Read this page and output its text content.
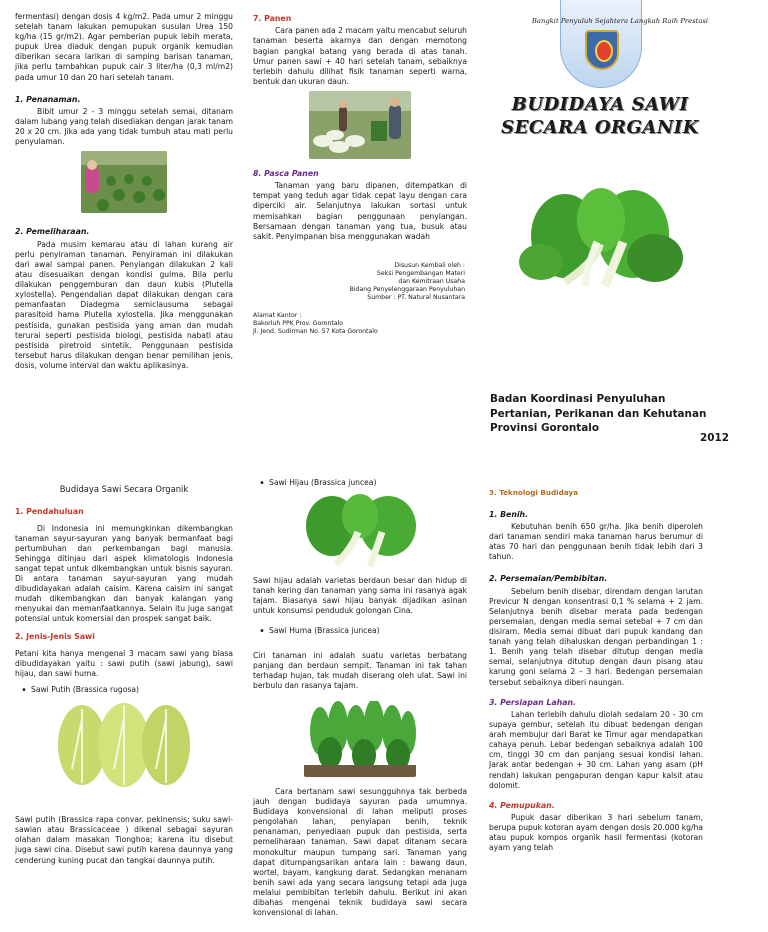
fermentasi) dengan dosis 4 kg/m2. Pada umur 2 minggu setelah tanam lakukan pemupukan susulan Urea 150 kg/ha (15 gr/m2). Agar pemberian pupuk lebih merata, pupuk Urea diaduk dengan pupuk organik kemudian diberikan secara larikan di samping barisan tanaman, jika perlu tambahkan pupuk cair 3 liter/ha (0,3 ml/m2) pada umur 10 dan 20 hari setelah tanam.

1. Penanaman.

Bibit umur 2 - 3 minggu setelah semai, ditanam dalam lubang yang telah disediakan dengan jarak tanam 20 x 20 cm. Jika ada yang tidak tumbuh atau mati perlu penyulaman.

2. Pemeliharaan.

Pada musim kemarau atau di lahan kurang air perlu penyiraman tanaman. Penyiraman ini dilakukan dari awal sampai panen. Penyiangan dilakukan 2 kali atau disesuaikan dengan kondisi gulma. Bila perlu dilakukan penggemburan dan daun kubis (Plutella xylostella). Pengendalian dapat dilakukan dengan cara pemanfaatan Diadegma semiclausuma sebagai parasitoid hama Plutella xylostella. Jika menggunakan pestisida, gunakan pestisida yang aman dan mudah terurai seperti pestisida biologi, pestisida nabati atau pestisida piretroid sintetik. Penggunaan pestisida tersebut harus dilakukan dengan benar pemilihan jenis, dosis, volume interval dan waktu aplikasinya.

7. Panen

Cara panen ada 2 macam yaitu mencabut seluruh tanaman beserta akarnya dan dengan memotong bagian pangkal batang yang berada di atas tanah. Umur panen sawi + 40 hari setelah tanam, sebaiknya terlebih dahulu dilihat fisik tanaman seperti warna, bentuk dan ukuran daun.

8. Pasca Panen

Tanaman yang baru dipanen, ditempatkan di tempat yang teduh agar tidak cepat layu dengan cara diperciki air. Selanjutnya lakukan sortasi untuk memisahkan bagian penggunaan penyiangan. Bersamaan dengan tanaman yang tua, busuk atau sakit. Penyimpanan bisa menggunakan wadah

Disusun Kembali oleh :
Seksi Pengembangan Materi
dan Kemitraan Usaha
Bidang Penyelenggaraan Penyuluhan
Sumber : PT. Natural Nusantara
Alamat Kantor :
Bakorluh PPK Prov. Gorontalo
Jl. Jend. Sudirman No. 57 Kota Gorontalo
Bangkit Penyuluh Sejahtera Langkah Raih Prestasi
BUDIDAYA SAWI
SECARA ORGANIK
Badan Koordinasi Penyuluhan
Pertanian, Perikanan dan Kehutanan
Provinsi Gorontalo
2012
Budidaya Sawi Secara Organik
1. Pendahuluan

Di Indonesia ini memungkinkan dikembangkan tanaman sayur-sayuran yang banyak bermanfaat bagi pertumbuhan dan perkembangan bagi manusia. Sehingga ditinjau dari aspek klimatologis Indonesia sangat tepat untuk dikembangkan untuk bisnis sayuran. Di antara tanaman sayur-sayuran yang mudah dibudidayakan adalah caisim. Karena caisim ini sangat mudah dikembangkan dan banyak kalangan yang menyukai dan memanfaatkannya. Selain itu juga sangat potensial untuk komersial dan prospek sangat baik.

2. Jenis-Jenis Sawi

Petani kita hanya mengenal 3 macam sawi yang biasa dibudidayakan yaitu : sawi putih (sawi jabung), sawi hijau, dan sawi huma.

• Sawi Putih (Brassica rugosa)

Sawi putih (Brassica rapa convar. pekinensis; suku sawi-sawian atau Brassicaceae ) dikenal sebagai sayuran olahan dalam masakan Tionghoa; karena itu disebut juga sawi cina. Disebut sawi putih karena daunnya yang cenderung kuning pucat dan tangkai daunnya putih.

• Sawi Hijau (Brassica juncea)

Sawi hijau adalah varietas berdaun besar dan hidup di tanah kering dan tanaman yang sama ini rasanya agak tajam. Biasanya sawi hijau banyak dijadikan asinan untuk konsumsi penduduk golongan Cina.

• Sawi Huma (Brassica juncea)

Ciri tanaman ini adalah suatu varietas berbatang panjang dan berdaun sempit. Tanaman ini tak tahan terhadap hujan, tak mudah diserang oleh ulat. Sawi ini berbulu dan rasanya tajam.

Cara bertanam sawi sesungguhnya tak berbeda jauh dengan budidaya sayuran pada umumnya. Budidaya konvensional di lahan meliputi proses pengolahan lahan, penyiapan benih, teknik penanaman, penyediaan pupuk dan pestisida, serta pemeliharaan tanaman. Sawi dapat ditanam secara monokultur maupun tumpang sari. Tanaman yang dapat ditumpangsarikan antara lain : bawang daun, wortel, bayam, kangkung darat. Sedangkan menanam benih sawi ada yang secara langsung tetapi ada juga melalui pembibitan terlebih dahulu. Berikut ini akan dibahas mengenai teknik budidaya sawi secara konvensional di lahan.

3. Teknologi Budidaya
1. Benih.

Kebutuhan benih 650 gr/ha. Jika benih diperoleh dari tanaman sendiri maka tanaman harus berumur di atas 70 hari dan penggunaan benih tidak lebih dari 3 tahun.

2. Persemaian/Pembibitan.

Sebelum benih disebar, direndam dengan larutan Previcur N dengan konsentrasi 0,1 % selama + 2 jam. Selanjutnya benih disebar merata pada bedengan persemaian, dengan media semai setebal + 7 cm dan disiram. Media semai dibuat dari pupuk kandang dan tanah yang telah dihaluskan dengan perbandingan 1 : 1. Benih yang telah disebar ditutup dengan media semai, selanjutnya ditutup dengan daun pisang atau karung goni selama 2 – 3 hari. Bedengan persemaian tersebut sebaiknya diberi naungan.

3. Persiapan Lahan.

Lahan terlebih dahulu diolah sedalam 20 - 30 cm supaya gembur, setelah itu dibuat bedengan dengan arah membujur dari Barat ke Timur agar mendapatkan cahaya penuh. Lebar bedengan sebaiknya adalah 100 cm, tinggi 30 cm dan panjang sesuai kondisi lahan. Jarak antar bedengan + 30 cm. Lahan yang asam (pH rendah) lakukan pengapuran dengan kapur kalsit atau dolomit.

4. Pemupukan.

Pupuk dasar diberikan 3 hari sebelum tanam, berupa pupuk kotoran ayam dengan dosis 20.000 kg/ha atau pupuk kompos organik hasil fermentasi (kotoran ayam yang telah
